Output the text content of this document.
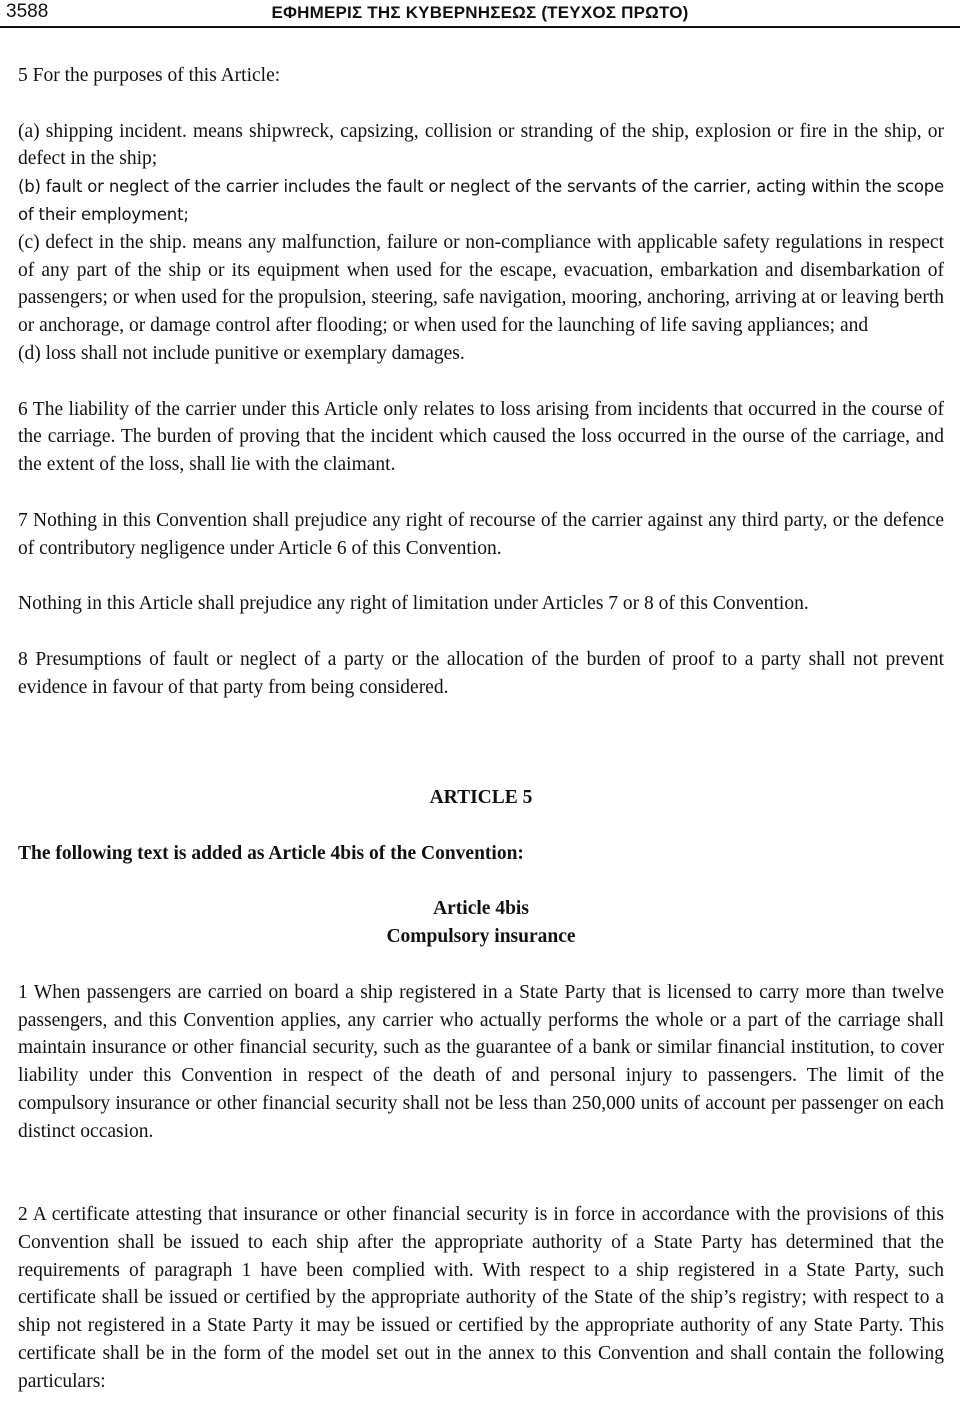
3588	ΕΦΗΜΕΡΙΣ ΤΗΣ ΚΥΒΕΡΝΗΣΕΩΣ (ΤΕΥΧΟΣ ΠΡΩΤΟ)

5 For the purposes of this Article:

(a) shipping incident. means shipwreck, capsizing, collision or stranding of the ship, explosion or fire in the ship, or defect in the ship;

(b) fault or neglect of the carrier includes the fault or neglect of the servants of the carrier, acting within the scope of their employment;

(c) defect in the ship. means any malfunction, failure or non-compliance with applicable safety regulations in respect of any part of the ship or its equipment when used for the escape, evacuation, embarkation and disembarkation of passengers; or when used for the propulsion, steering, safe navigation, mooring, anchoring, arriving at or leaving berth or anchorage, or damage control after flooding; or when used for the launching of life saving appliances; and

(d) loss shall not include punitive or exemplary damages.

6 The liability of the carrier under this Article only relates to loss arising from incidents that occurred in the course of the carriage. The burden of proving that the incident which caused the loss occurred in the ourse of the carriage, and the extent of the loss, shall lie with the claimant.

7 Nothing in this Convention shall prejudice any right of recourse of the carrier against any third party, or the defence of contributory negligence under Article 6 of this Convention.

Nothing in this Article shall prejudice any right of limitation under Articles 7 or 8 of this Convention.

8 Presumptions of fault or neglect of a party or the allocation of the burden of proof to a party shall not prevent evidence in favour of that party from being considered.

ARTICLE 5

The following text is added as Article 4bis of the Convention:

Article 4bis

Compulsory insurance

1 When passengers are carried on board a ship registered in a State Party that is licensed to carry more than twelve passengers, and this Convention applies, any carrier who actually performs the whole or a part of the carriage shall maintain insurance or other financial security, such as the guarantee of a bank or similar financial institution, to cover liability under this Convention in respect of the death of and personal injury to passengers. The limit of the compulsory insurance or other financial security shall not be less than 250,000 units of account per passenger on each distinct occasion.

2 A certificate attesting that insurance or other financial security is in force in accordance with the provisions of this Convention shall be issued to each ship after the appropriate authority of a State Party has determined that the requirements of paragraph 1 have been complied with. With respect to a ship registered in a State Party, such certificate shall be issued or certified by the appropriate authority of the State of the ship’s registry; with respect to a ship not registered in a State Party it may be issued or certified by the appropriate authority of any State Party. This certificate shall be in the form of the model set out in the annex to this Convention and shall contain the following particulars:
